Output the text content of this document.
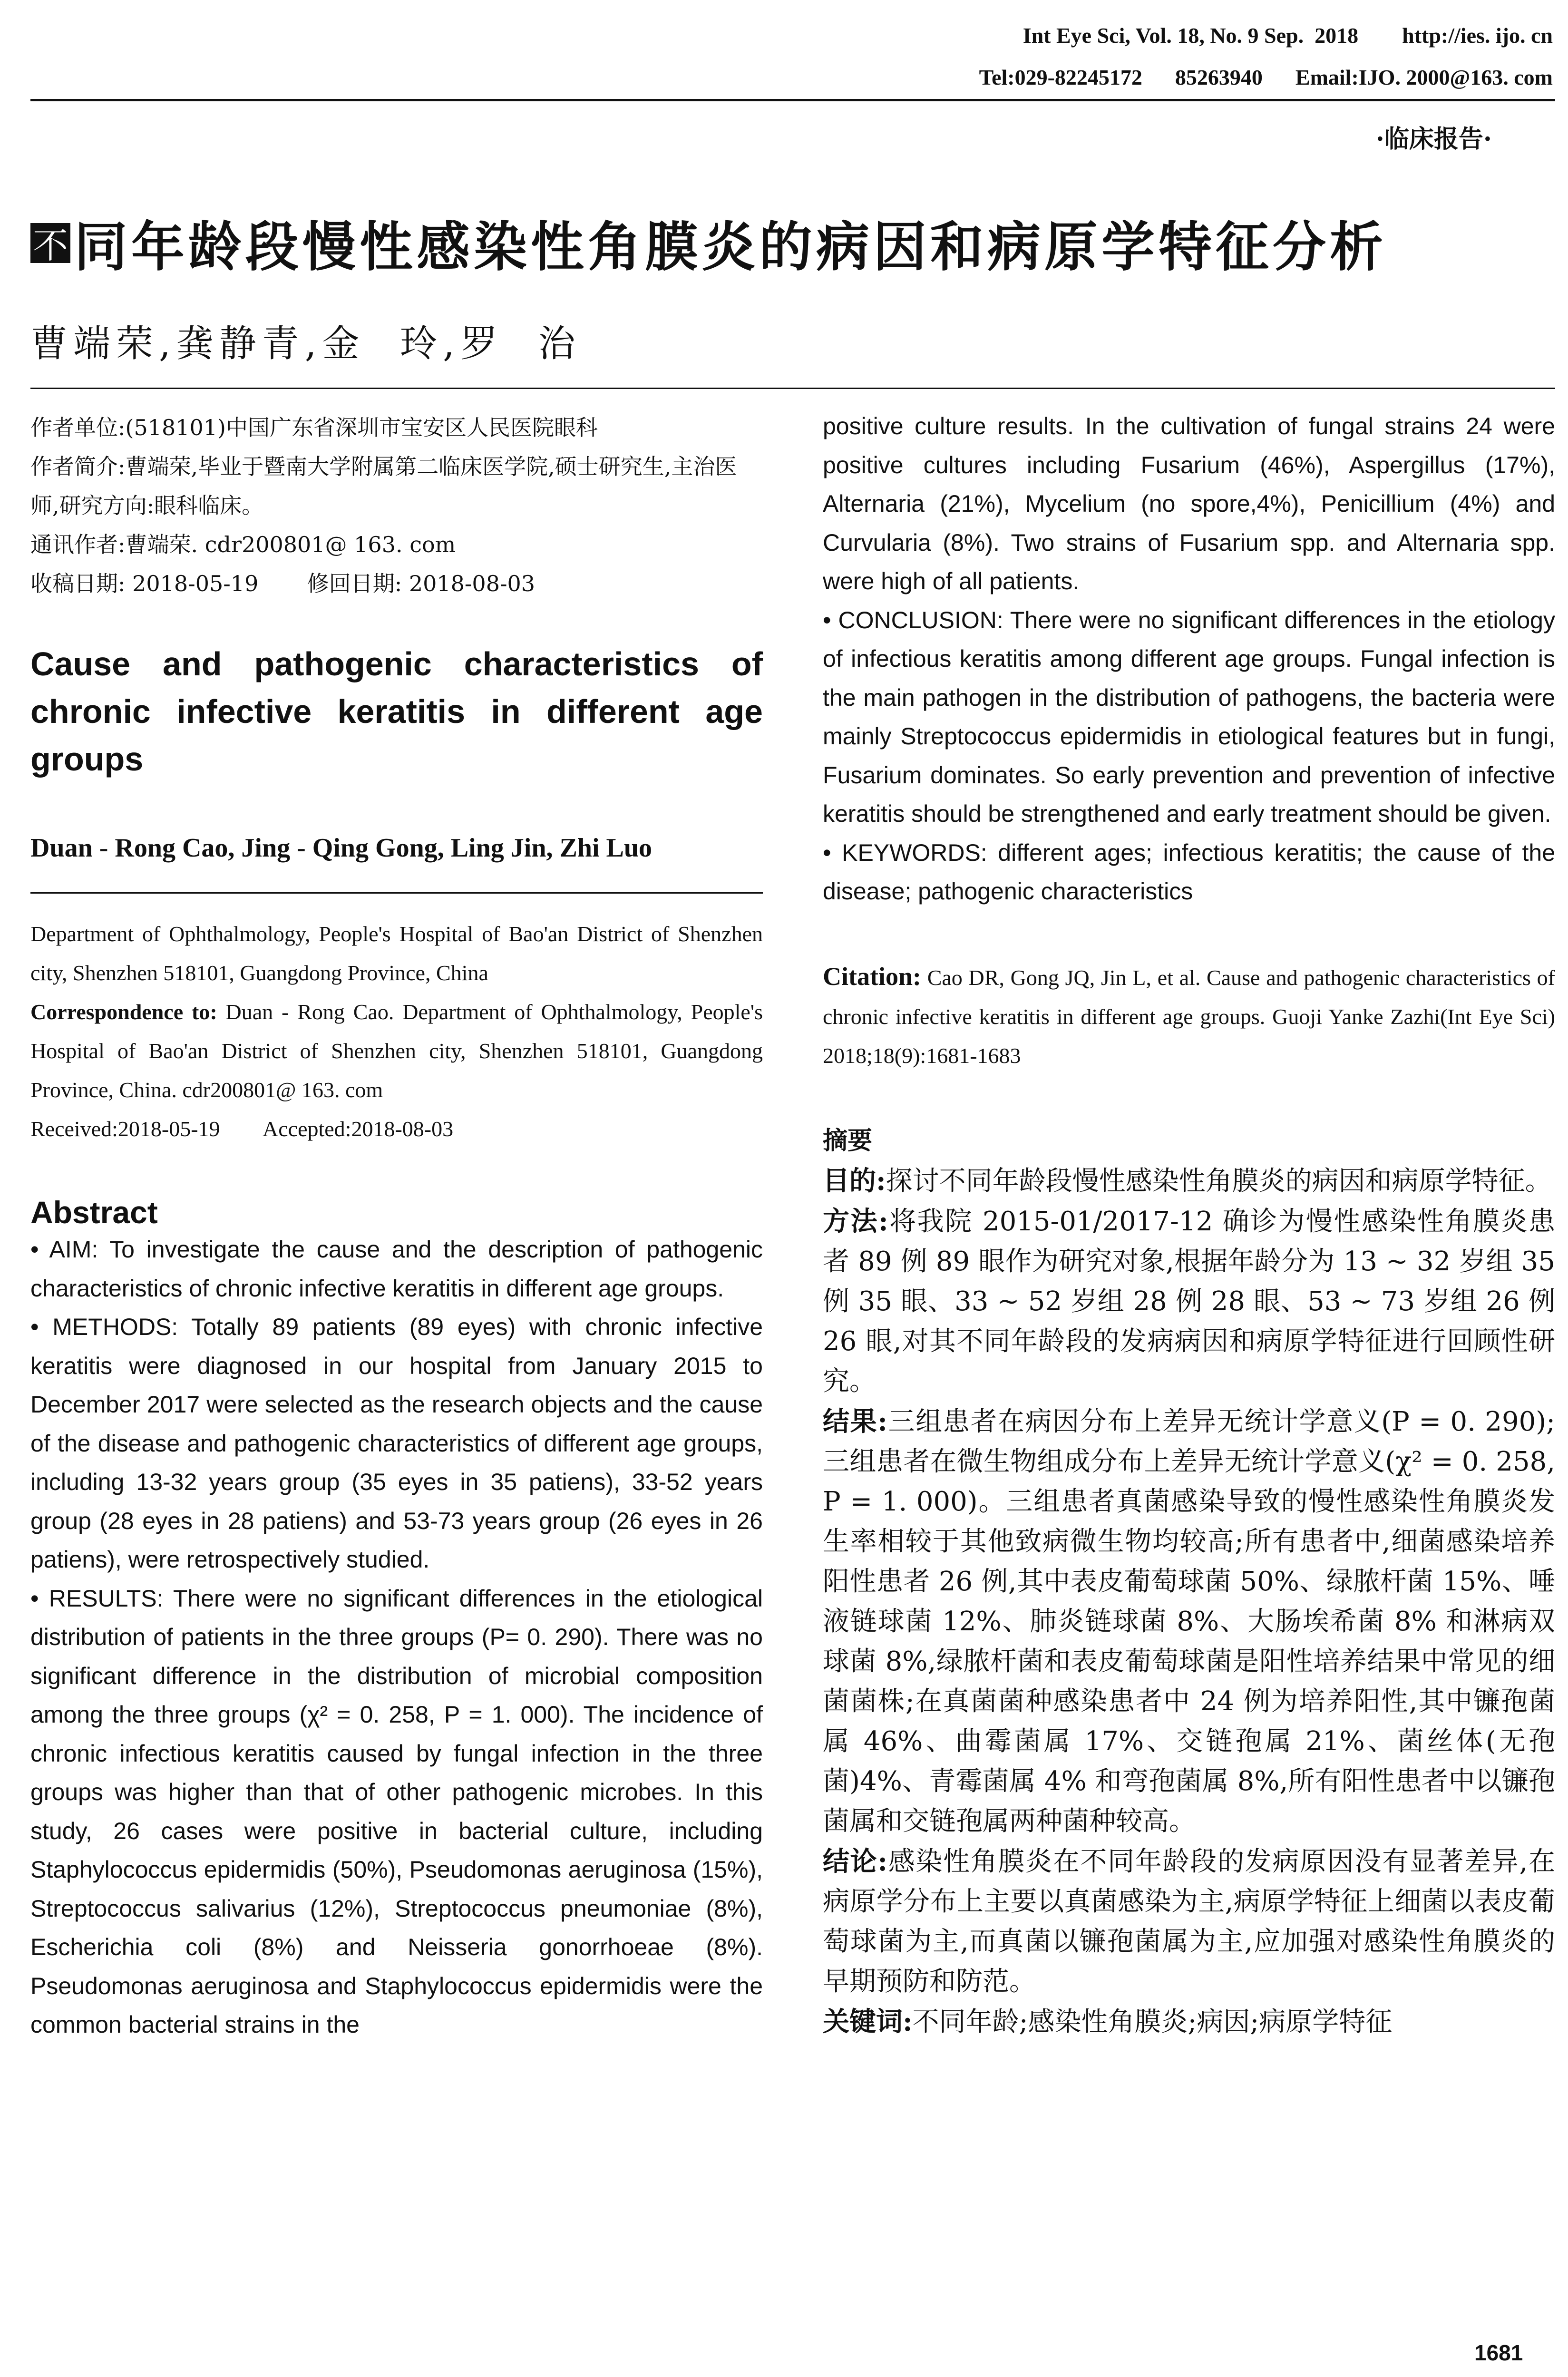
Int Eye Sci, Vol. 18, No. 9 Sep.  2018        http://ies. ijo. cn
Tel:029-82245172      85263940      Email:IJO. 2000@163. com
·临床报告·
不 同年龄段慢性感染性角膜炎的病因和病原学特征分析
曹端荣,龚静青,金  玲,罗  治
作者单位:(518101)中国广东省深圳市宝安区人民医院眼科
作者简介:曹端荣,毕业于暨南大学附属第二临床医学院,硕士研究生,主治医师,研究方向:眼科临床。
通讯作者:曹端荣. cdr200801@ 163. com
收稿日期: 2018-05-19       修回日期: 2018-08-03
Cause and pathogenic characteristics of chronic infective keratitis in different age groups
Duan - Rong Cao, Jing - Qing Gong, Ling Jin, Zhi Luo
Department of Ophthalmology, People's Hospital of Bao'an District of Shenzhen city, Shenzhen 518101, Guangdong Province, China
Correspondence to: Duan - Rong Cao. Department of Ophthalmology, People's Hospital of Bao'an District of Shenzhen city, Shenzhen 518101, Guangdong Province, China. cdr200801@ 163. com
Received:2018-05-19        Accepted:2018-08-03
Abstract

• AIM: To investigate the cause and the description of pathogenic characteristics of chronic infective keratitis in different age groups.

• METHODS: Totally 89 patients (89 eyes) with chronic infective keratitis were diagnosed in our hospital from January 2015 to December 2017 were selected as the research objects and the cause of the disease and pathogenic characteristics of different age groups, including 13-32 years group (35 eyes in 35 patiens), 33-52 years group (28 eyes in 28 patiens) and 53-73 years group (26 eyes in 26 patiens), were retrospectively studied.

• RESULTS: There were no significant differences in the etiological distribution of patients in the three groups (P= 0. 290). There was no significant difference in the distribution of microbial composition among the three groups (χ² = 0. 258, P = 1. 000). The incidence of chronic infectious keratitis caused by fungal infection in the three groups was higher than that of other pathogenic microbes. In this study, 26 cases were positive in bacterial culture, including Staphylococcus epidermidis (50%), Pseudomonas aeruginosa (15%), Streptococcus salivarius (12%), Streptococcus pneumoniae (8%), Escherichia coli (8%) and Neisseria gonorrhoeae (8%). Pseudomonas aeruginosa and Staphylococcus epidermidis were the common bacterial strains in the

positive culture results. In the cultivation of fungal strains 24 were positive cultures including Fusarium (46%), Aspergillus (17%), Alternaria (21%), Mycelium (no spore,4%), Penicillium (4%) and Curvularia (8%). Two strains of Fusarium spp. and Alternaria spp. were high of all patients.

• CONCLUSION: There were no significant differences in the etiology of infectious keratitis among different age groups. Fungal infection is the main pathogen in the distribution of pathogens, the bacteria were mainly Streptococcus epidermidis in etiological features but in fungi, Fusarium dominates. So early prevention and prevention of infective keratitis should be strengthened and early treatment should be given.

• KEYWORDS: different ages; infectious keratitis; the cause of the disease; pathogenic characteristics

Citation: Cao DR, Gong JQ, Jin L, et al. Cause and pathogenic characteristics of chronic infective keratitis in different age groups. Guoji Yanke Zazhi(Int Eye Sci) 2018;18(9):1681-1683

摘要

目的:探讨不同年龄段慢性感染性角膜炎的病因和病原学特征。

方法:将我院 2015-01/2017-12 确诊为慢性感染性角膜炎患者 89 例 89 眼作为研究对象,根据年龄分为 13 ~ 32 岁组 35 例 35 眼、33 ~ 52 岁组 28 例 28 眼、53 ~ 73 岁组 26 例 26 眼,对其不同年龄段的发病病因和病原学特征进行回顾性研究。

结果:三组患者在病因分布上差异无统计学意义(P = 0. 290);三组患者在微生物组成分布上差异无统计学意义(χ² = 0. 258, P = 1. 000)。三组患者真菌感染导致的慢性感染性角膜炎发生率相较于其他致病微生物均较高;所有患者中,细菌感染培养阳性患者 26 例,其中表皮葡萄球菌 50%、绿脓杆菌 15%、唾液链球菌 12%、肺炎链球菌 8%、大肠埃希菌 8% 和淋病双球菌 8%,绿脓杆菌和表皮葡萄球菌是阳性培养结果中常见的细菌菌株;在真菌菌种感染患者中 24 例为培养阳性,其中镰孢菌属 46%、曲霉菌属 17%、交链孢属 21%、菌丝体(无孢菌)4%、青霉菌属 4% 和弯孢菌属 8%,所有阳性患者中以镰孢菌属和交链孢属两种菌种较高。

结论:感染性角膜炎在不同年龄段的发病原因没有显著差异,在病原学分布上主要以真菌感染为主,病原学特征上细菌以表皮葡萄球菌为主,而真菌以镰孢菌属为主,应加强对感染性角膜炎的早期预防和防范。

关键词:不同年龄;感染性角膜炎;病因;病原学特征

1681
